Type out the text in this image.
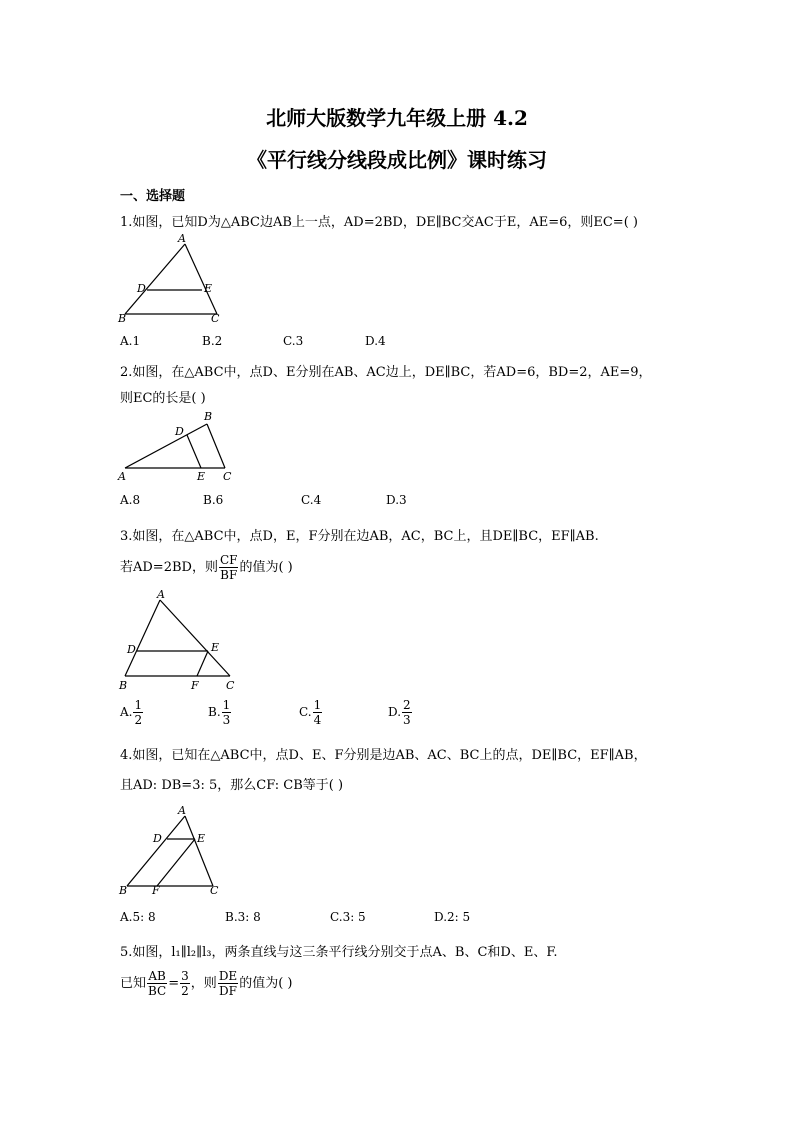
北师大版数学九年级上册 4.2
《平行线分线段成比例》课时练习
一、选择题
1.如图，已知D为△ABC边AB上一点，AD=2BD，DE∥BC交AC于E，AE=6，则EC=( )
A
B	C
D	E
A.1	B.2	C.3	D.4
2.如图，在△ABC中，点D、E分别在AB、AC边上，DE∥BC，若AD=6，BD=2，AE=9，
则EC的长是( )
B
D
A	E C
A.8	B.6	C.4	D.3
3.如图，在△ABC中，点D，E，F分别在边AB，AC，BC上，且DE∥BC，EF∥AB.
若AD=2BD，则 $\frac{CF}{BF}$ 的值为( )
A
D	E
B	F C
A. $\frac{1}{2}$	B. $\frac{1}{3}$	C. $\frac{1}{4}$	D. $\frac{2}{3}$
4.如图，已知在△ABC中，点D、E、F分别是边AB、AC、BC上的点，DE∥BC，EF∥AB，
且AD: DB=3: 5，那么CF: CB等于( )
A
D	E
B F	C
A.5: 8	B.3: 8	C.3: 5	D.2: 5
5.如图，l₁∥l₂∥l₃，两条直线与这三条平行线分别交于点A、B、C和D、E、F.
已知 $\frac{AB}{BC} = \frac{3}{2}$ ，则 $\frac{DE}{DF}$ 的值为( )
